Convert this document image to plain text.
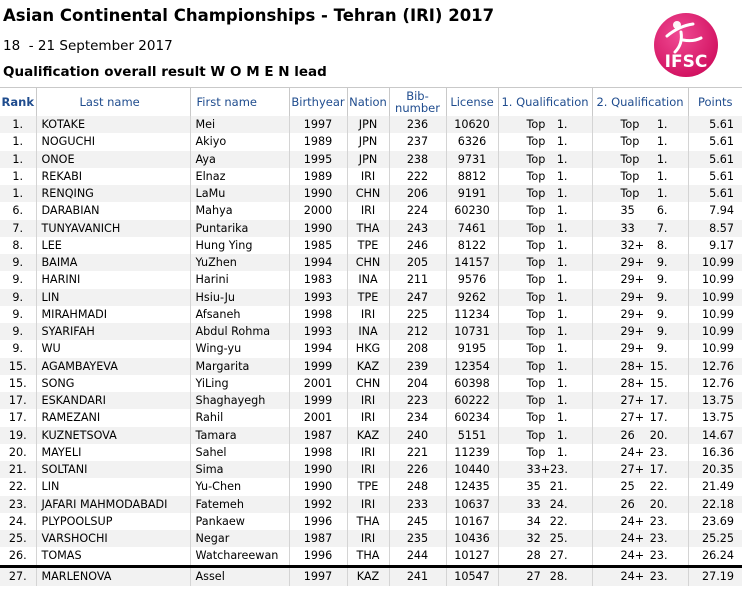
Asian Continental Championships - Tehran (IRI) 2017
18  - 21 September 2017
Qualification overall result W O M E N lead	IFSC
Rank	Last name	First name	Birthyear	Nation	Bib-
number	License	1. Qualification	2. Qualification	Points
1.	KOTAKE	Mei	1997	JPN	236	10620	Top 1.	Top 1.	5.61
1.	NOGUCHI	Akiyo	1989	JPN	237	6326	Top 1.	Top 1.	5.61
1.	ONOE	Aya	1995	JPN	238	9731	Top 1.	Top 1.	5.61
1.	REKABI	Elnaz	1989	IRI	222	8812	Top 1.	Top 1.	5.61
1.	RENQING	LaMu	1990	CHN	206	9191	Top 1.	Top 1.	5.61
6.	DARABIAN	Mahya	2000	IRI	224	60230	Top 1.	35 6.	7.94
7.	TUNYAVANICH	Puntarika	1990	THA	243	7461	Top 1.	33 7.	8.57
8.	LEE	Hung Ying	1985	TPE	246	8122	Top 1.	32+ 8.	9.17
9.	BAIMA	YuZhen	1994	CHN	205	14157	Top 1.	29+ 9.	10.99
9.	HARINI	Harini	1983	INA	211	9576	Top 1.	29+ 9.	10.99
9.	LIN	Hsiu-Ju	1993	TPE	247	9262	Top 1.	29+ 9.	10.99
9.	MIRAHMADI	Afsaneh	1998	IRI	225	11234	Top 1.	29+ 9.	10.99
9.	SYARIFAH	Abdul Rohma	1993	INA	212	10731	Top 1.	29+ 9.	10.99
9.	WU	Wing-yu	1994	HKG	208	9195	Top 1.	29+ 9.	10.99
15.	AGAMBAYEVA	Margarita	1999	KAZ	239	12354	Top 1.	28+ 15.	12.76
15.	SONG	YiLing	2001	CHN	204	60398	Top 1.	28+ 15.	12.76
17.	ESKANDARI	Shaghayegh	1999	IRI	223	60222	Top 1.	27+ 17.	13.75
17.	RAMEZANI	Rahil	2001	IRI	234	60234	Top 1.	27+ 17.	13.75
19.	KUZNETSOVA	Tamara	1987	KAZ	240	5151	Top 1.	26 20.	14.67
20.	MAYELI	Sahel	1998	IRI	221	11239	Top 1.	24+ 23.	16.36
21.	SOLTANI	Sima	1990	IRI	226	10440	33+ 23.	27+ 17.	20.35
22.	LIN	Yu-Chen	1990	TPE	248	12435	35 21.	25 22.	21.49
23.	JAFARI MAHMODABADI	Fatemeh	1992	IRI	233	10637	33 24.	26 20.	22.18
24.	PLYPOOLSUP	Pankaew	1996	THA	245	10167	34 22.	24+ 23.	23.69
25.	VARSHOCHI	Negar	1987	IRI	235	10436	32 25.	24+ 23.	25.25
26.	TOMAS	Watchareewan	1996	THA	244	10127	28 27.	24+ 23.	26.24
27.	MARLENOVA	Assel	1997	KAZ	241	10547	27 28.	24+ 23.	27.19
